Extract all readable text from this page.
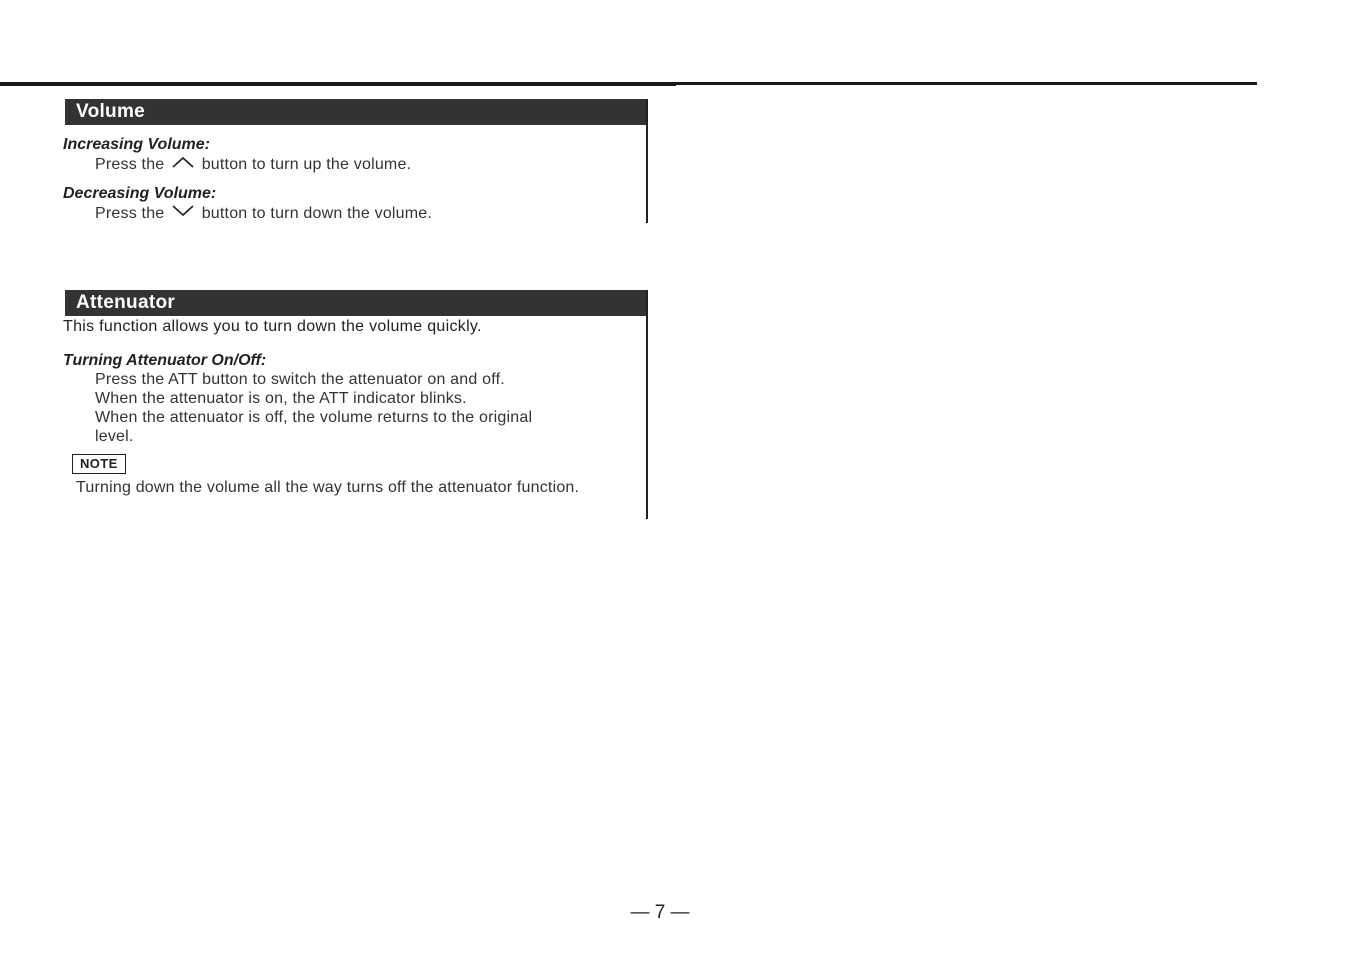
Volume
Increasing Volume:
Press the button to turn up the volume.
Decreasing Volume:
Press the button to turn down the volume.
Attenuator
This function allows you to turn down the volume quickly.
Turning Attenuator On/Off:
Press the ATT button to switch the attenuator on and off.
When the attenuator is on, the ATT indicator blinks.
When the attenuator is off, the volume returns to the original
level.
NOTE
Turning down the volume all the way turns off the attenuator function.
— 7 —
